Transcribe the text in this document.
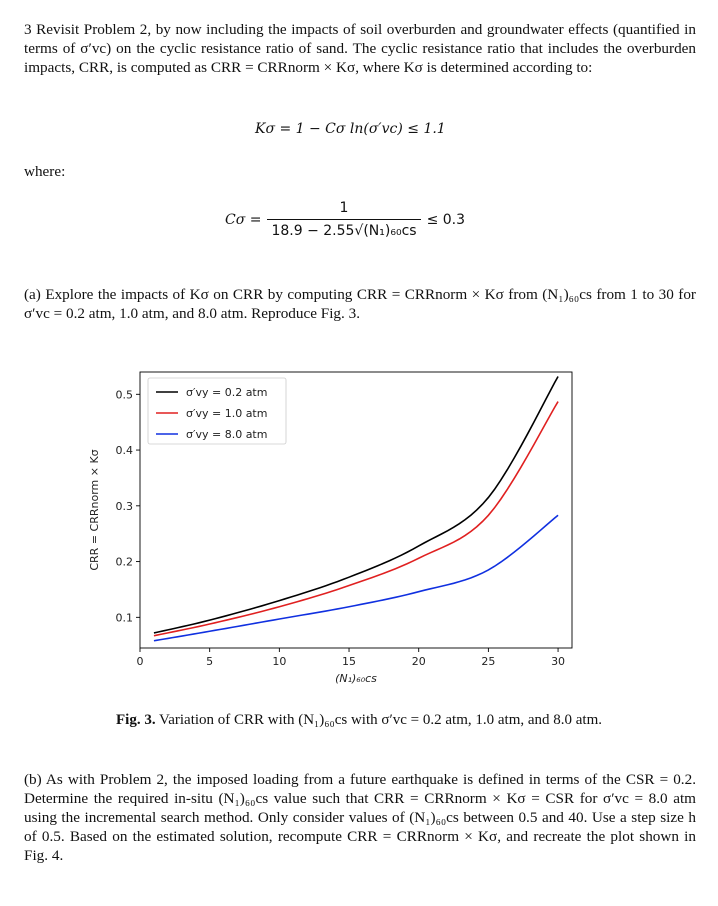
3 Revisit Problem 2, by now including the impacts of soil overburden and groundwater effects (quantified in terms of σ′vc) on the cyclic resistance ratio of sand. The cyclic resistance ratio that includes the overburden impacts, CRR, is computed as CRR = CRRnorm × Kσ, where Kσ is determined according to:

Kσ = 1 − Cσ ln(σ′vc) ≤ 1.1

where:

$C\sigma = \frac{1}{\text{18.9 − 2.55√(N₁)₆₀cs}} \le 0.3$

(a) Explore the impacts of Kσ on CRR by computing CRR = CRRnorm × Kσ from (N₁)₆₀cs from 1 to 30 for σ′vc = 0.2 atm, 1.0 atm, and 8.0 atm. Reproduce Fig. 3.

0	5	10	15	20	25	30
0.1
0.2
0.3
0.4
0.5
(N₁)₆₀cs
CRR = CRRnorm × Kσ
σ′vy = 0.2 atm
σ′vy = 1.0 atm
σ′vy = 8.0 atm
Fig. 3. Variation of CRR with (N₁)₆₀cs with σ′vc = 0.2 atm, 1.0 atm, and 8.0 atm.

(b) As with Problem 2, the imposed loading from a future earthquake is defined in terms of the CSR = 0.2. Determine the required in-situ (N₁)₆₀cs value such that CRR = CRRnorm × Kσ = CSR for σ′vc = 8.0 atm using the incremental search method. Only consider values of (N₁)₆₀cs between 0.5 and 40. Use a step size h of 0.5. Based on the estimated solution, recompute CRR = CRRnorm × Kσ, and recreate the plot shown in Fig. 4.
